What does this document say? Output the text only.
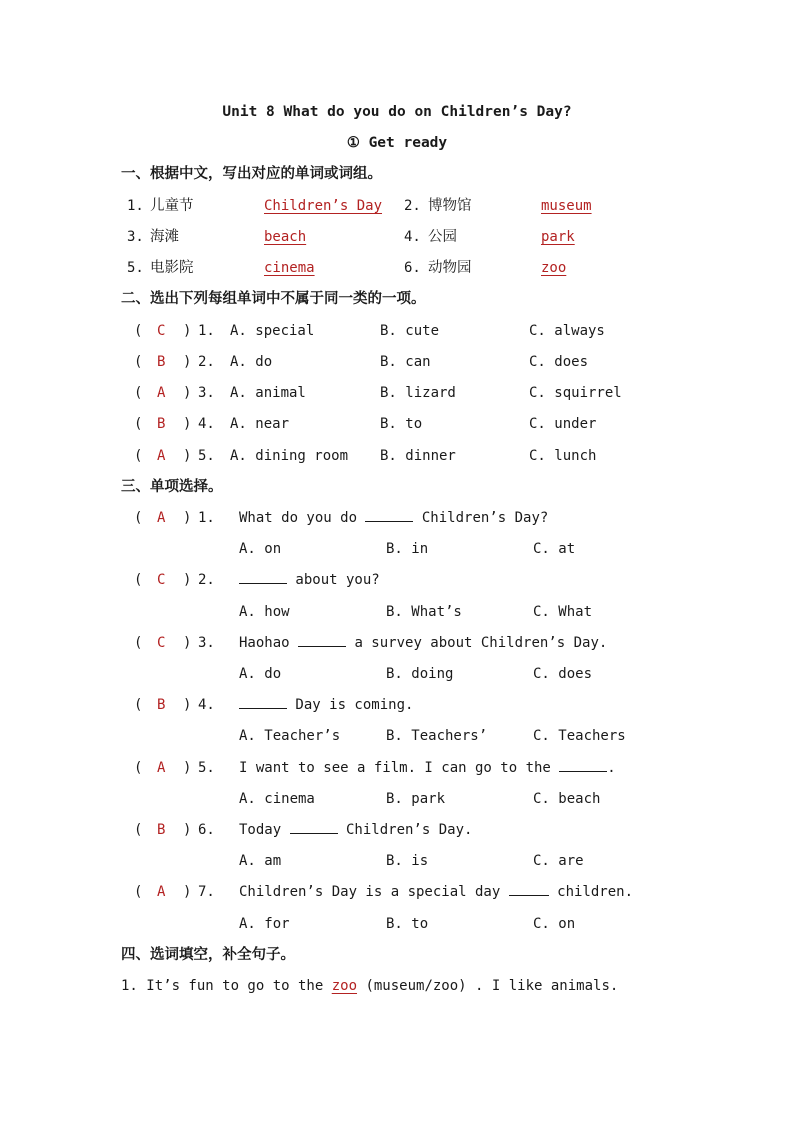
Unit 8 What do you do on Children’s Day?
① Get ready
一、根据中文，写出对应的单词或词组。
1. 儿童节	Children’s Day 2. 博物馆	museum
3. 海滩	beach	4. 公园	park
5. 电影院	cinema	6. 动物园	zoo
二、选出下列每组单词中不属于同一类的一项。
( C ) 1. A. special	B. cute	C. always
( B ) 2. A. do	B. can	C. does
( A ) 3. A. animal	B. lizard	C. squirrel
( B ) 4. A. near	B. to	C. under
( A ) 5. A. dining room B. dinner	C. lunch
三、单项选择。
( A ) 1. What do you do	Children’s Day?
A. on	B. in	C. at
( C ) 2.	about you?
A. how	B. What’s	C. What
( C ) 3. Haohao	a survey about Children’s Day.
A. do	B. doing	C. does
( B ) 4.	Day is coming.
A. Teacher’s	B. Teachers’	C. Teachers
( A ) 5. I want to see a film. I can go to the	.
A. cinema	B. park	C. beach
( B ) 6. Today	Children’s Day.
A. am	B. is	C. are
( A ) 7. Children’s Day is a special day	children.
A. for	B. to	C. on
四、选词填空，补全句子。
1. It’s fun to go to the zoo (museum/zoo) . I like animals.
